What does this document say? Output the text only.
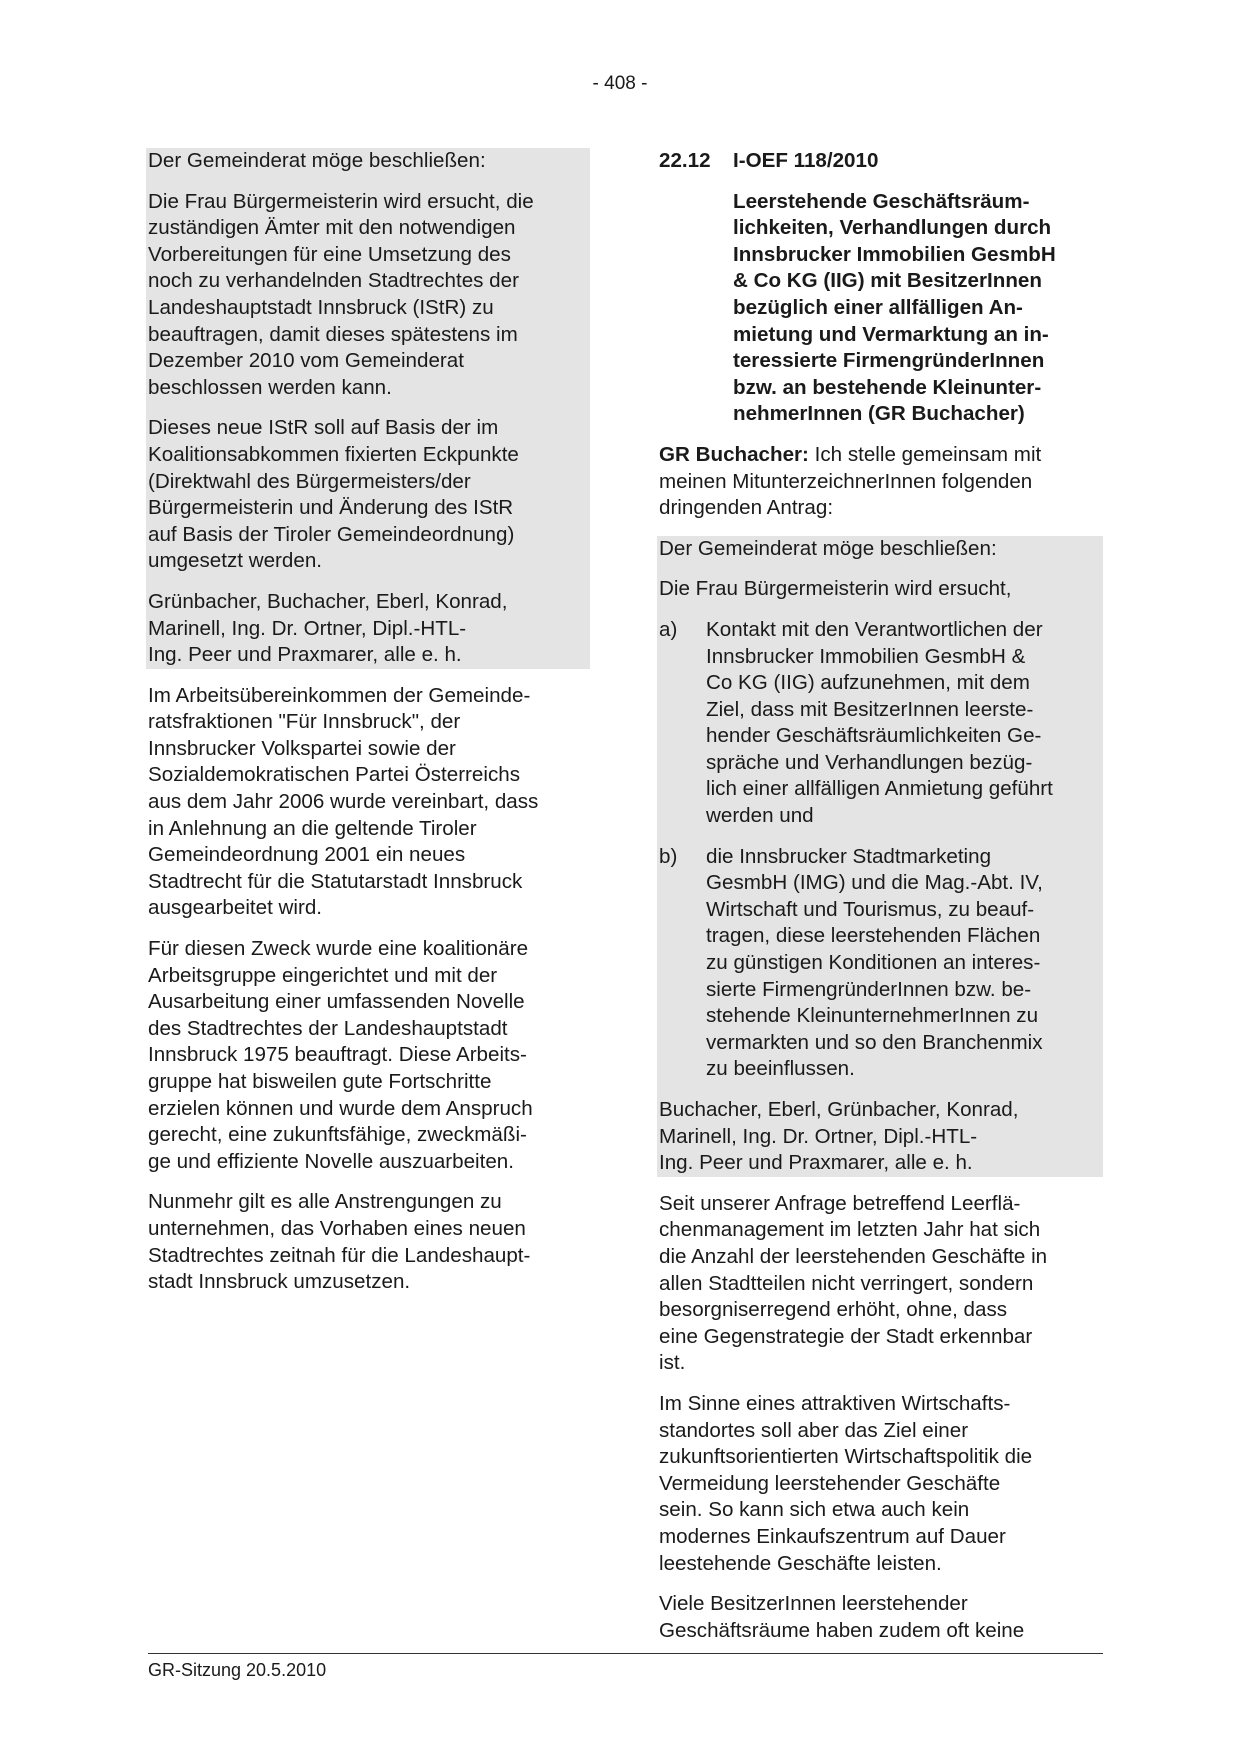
- 408 -

Der Gemeinderat möge beschließen:

Die Frau Bürgermeisterin wird ersucht, die
zuständigen Ämter mit den notwendigen
Vorbereitungen für eine Umsetzung des
noch zu verhandelnden Stadtrechtes der
Landeshauptstadt Innsbruck (IStR) zu
beauftragen, damit dieses spätestens im
Dezember 2010 vom Gemeinderat
beschlossen werden kann.

Dieses neue IStR soll auf Basis der im
Koalitionsabkommen fixierten Eckpunkte
(Direktwahl des Bürgermeisters/der
Bürgermeisterin und Änderung des IStR
auf Basis der Tiroler Gemeindeordnung)
umgesetzt werden.

Grünbacher, Buchacher, Eberl, Konrad,
Marinell, Ing. Dr. Ortner, Dipl.-HTL-
Ing. Peer und Praxmarer, alle e. h.

Im Arbeitsübereinkommen der Gemeinde-
ratsfraktionen "Für Innsbruck", der
Innsbrucker Volkspartei sowie der
Sozialdemokratischen Partei Österreichs
aus dem Jahr 2006 wurde vereinbart, dass
in Anlehnung an die geltende Tiroler
Gemeindeordnung 2001 ein neues
Stadtrecht für die Statutarstadt Innsbruck
ausgearbeitet wird.

Für diesen Zweck wurde eine koalitionäre
Arbeitsgruppe eingerichtet und mit der
Ausarbeitung einer umfassenden Novelle
des Stadtrechtes der Landeshauptstadt
Innsbruck 1975 beauftragt. Diese Arbeits-
gruppe hat bisweilen gute Fortschritte
erzielen können und wurde dem Anspruch
gerecht, eine zukunftsfähige, zweckmäßi-
ge und effiziente Novelle auszuarbeiten.

Nunmehr gilt es alle Anstrengungen zu
unternehmen, das Vorhaben eines neuen
Stadtrechtes zeitnah für die Landeshaupt-
stadt Innsbruck umzusetzen.

22.12	I-OEF 118/2010

Leerstehende Geschäftsräum-
lichkeiten, Verhandlungen durch
Innsbrucker Immobilien GesmbH
& Co KG (IIG) mit BesitzerInnen
bezüglich einer allfälligen An-
mietung und Vermarktung an in-
teressierte FirmengründerInnen
bzw. an bestehende Kleinunter-
nehmerInnen (GR Buchacher)

GR Buchacher: Ich stelle gemeinsam mit
meinen MitunterzeichnerInnen folgenden
dringenden Antrag:

Der Gemeinderat möge beschließen:

Die Frau Bürgermeisterin wird ersucht,

a)	Kontakt mit den Verantwortlichen der
Innsbrucker Immobilien GesmbH &
Co KG (IIG) aufzunehmen, mit dem
Ziel, dass mit BesitzerInnen leerste-
hender Geschäftsräumlichkeiten Ge-
spräche und Verhandlungen bezüg-
lich einer allfälligen Anmietung geführt
werden und
b)	die Innsbrucker Stadtmarketing
GesmbH (IMG) und die Mag.-Abt. IV,
Wirtschaft und Tourismus, zu beauf-
tragen, diese leerstehenden Flächen
zu günstigen Konditionen an interes-
sierte FirmengründerInnen bzw. be-
stehende KleinunternehmerInnen zu
vermarkten und so den Branchenmix
zu beeinflussen.

Buchacher, Eberl, Grünbacher, Konrad,
Marinell, Ing. Dr. Ortner, Dipl.-HTL-
Ing. Peer und Praxmarer, alle e. h.

Seit unserer Anfrage betreffend Leerflä-
chenmanagement im letzten Jahr hat sich
die Anzahl der leerstehenden Geschäfte in
allen Stadtteilen nicht verringert, sondern
besorgniserregend erhöht, ohne, dass
eine Gegenstrategie der Stadt erkennbar
ist.

Im Sinne eines attraktiven Wirtschafts-
standortes soll aber das Ziel einer
zukunftsorientierten Wirtschaftspolitik die
Vermeidung leerstehender Geschäfte
sein. So kann sich etwa auch kein
modernes Einkaufszentrum auf Dauer
leestehende Geschäfte leisten.

Viele BesitzerInnen leerstehender
Geschäftsräume haben zudem oft keine

GR-Sitzung 20.5.2010
